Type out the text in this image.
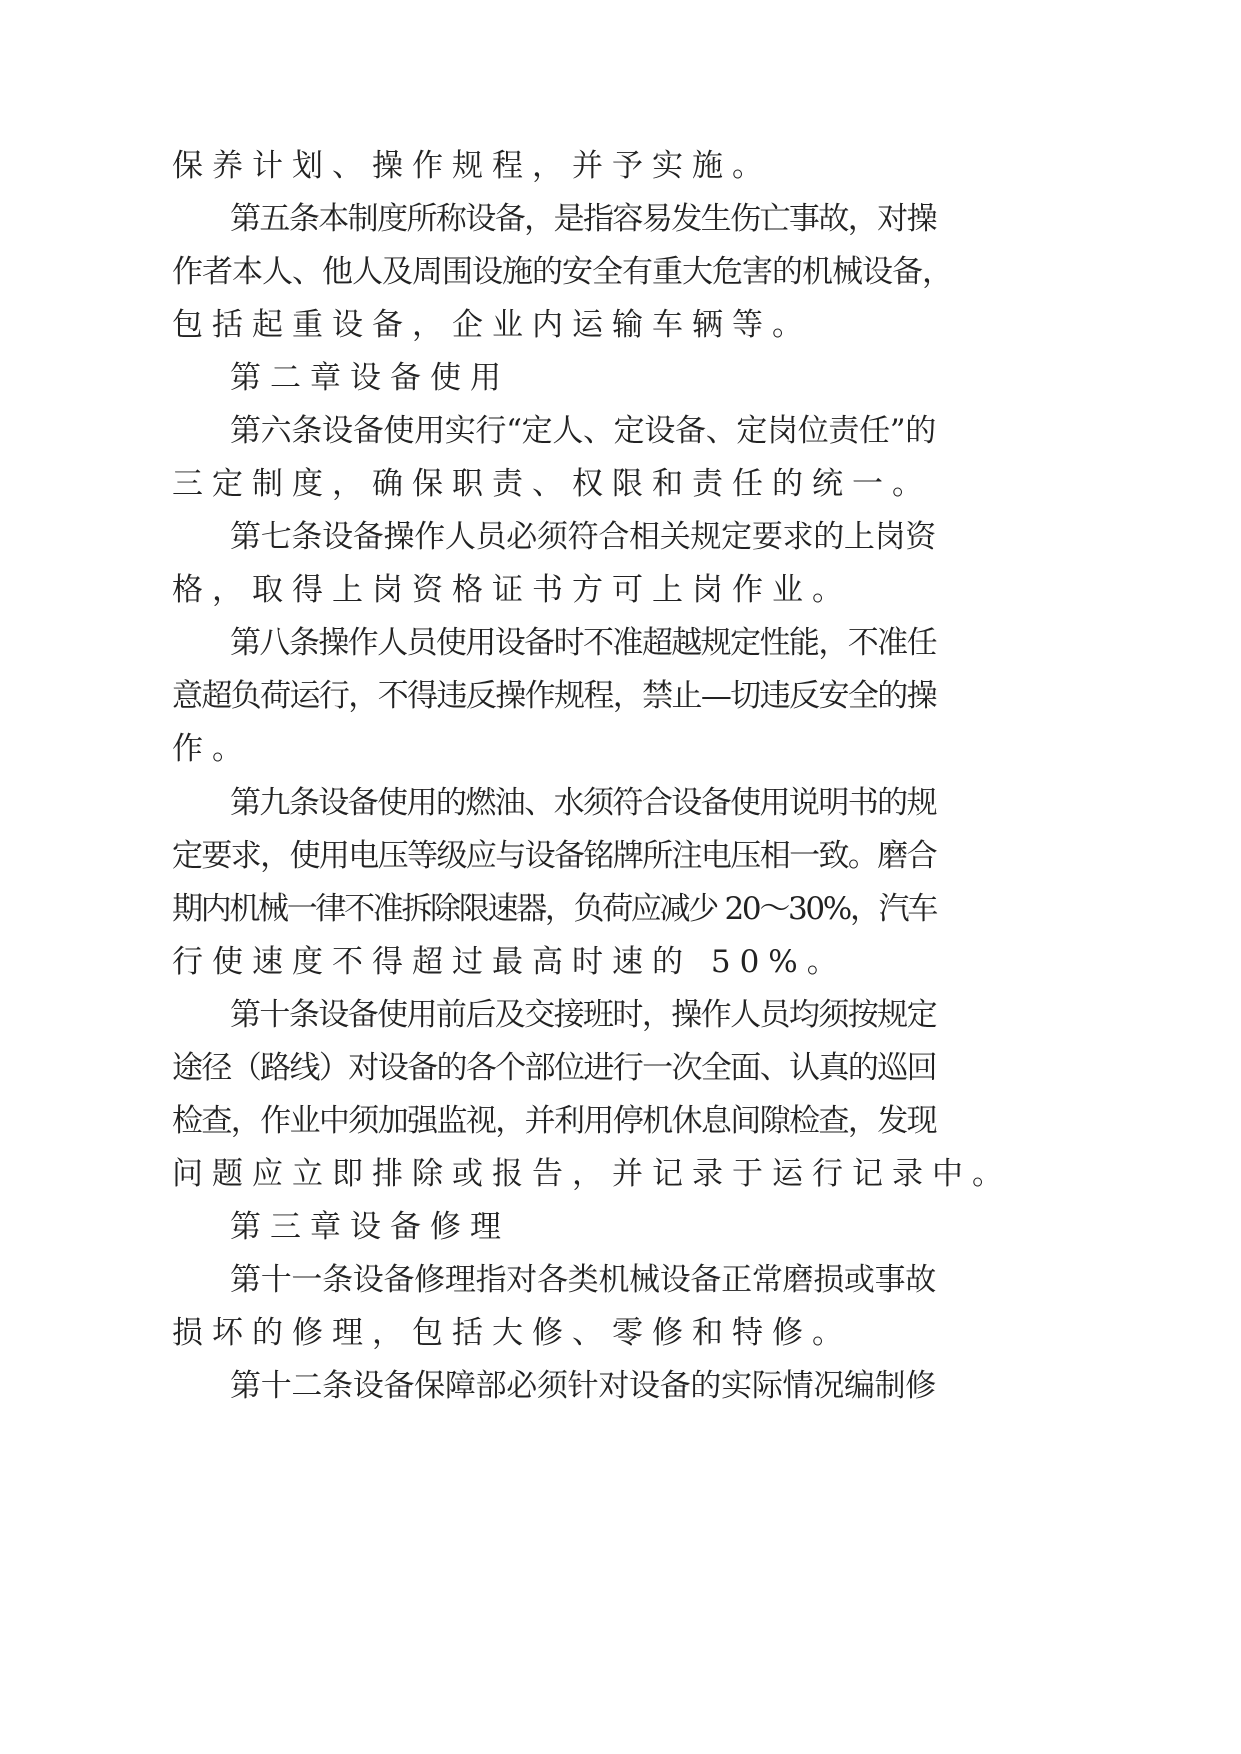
保养计划、操作规程，并予实施。
第五条本制度所称设备，是指容易发生伤亡事故，对操
作者本人、他人及周围设施的安全有重大危害的机械设备，
包括起重设备，企业内运输车辆等。
第二章设备使用
第六条设备使用实行“定人、定设备、定岗位责任”的
三定制度，确保职责、权限和责任的统一。
第七条设备操作人员必须符合相关规定要求的上岗资
格，取得上岗资格证书方可上岗作业。
第八条操作人员使用设备时不准超越规定性能，不准任
意超负荷运行，不得违反操作规程，禁止—切违反安全的操
作。
第九条设备使用的燃油、水须符合设备使用说明书的规
定要求，使用电压等级应与设备铭牌所注电压相一致。磨合
期内机械一律不准拆除限速器，负荷应减少 20～30%，汽车
行使速度不得超过最高时速的 50%。
第十条设备使用前后及交接班时，操作人员均须按规定
途径（路线）对设备的各个部位进行一次全面、认真的巡回
检查，作业中须加强监视，并利用停机休息间隙检查，发现
问题应立即排除或报告，并记录于运行记录中。
第三章设备修理
第十一条设备修理指对各类机械设备正常磨损或事故
损坏的修理，包括大修、零修和特修。
第十二条设备保障部必须针对设备的实际情况编制修
